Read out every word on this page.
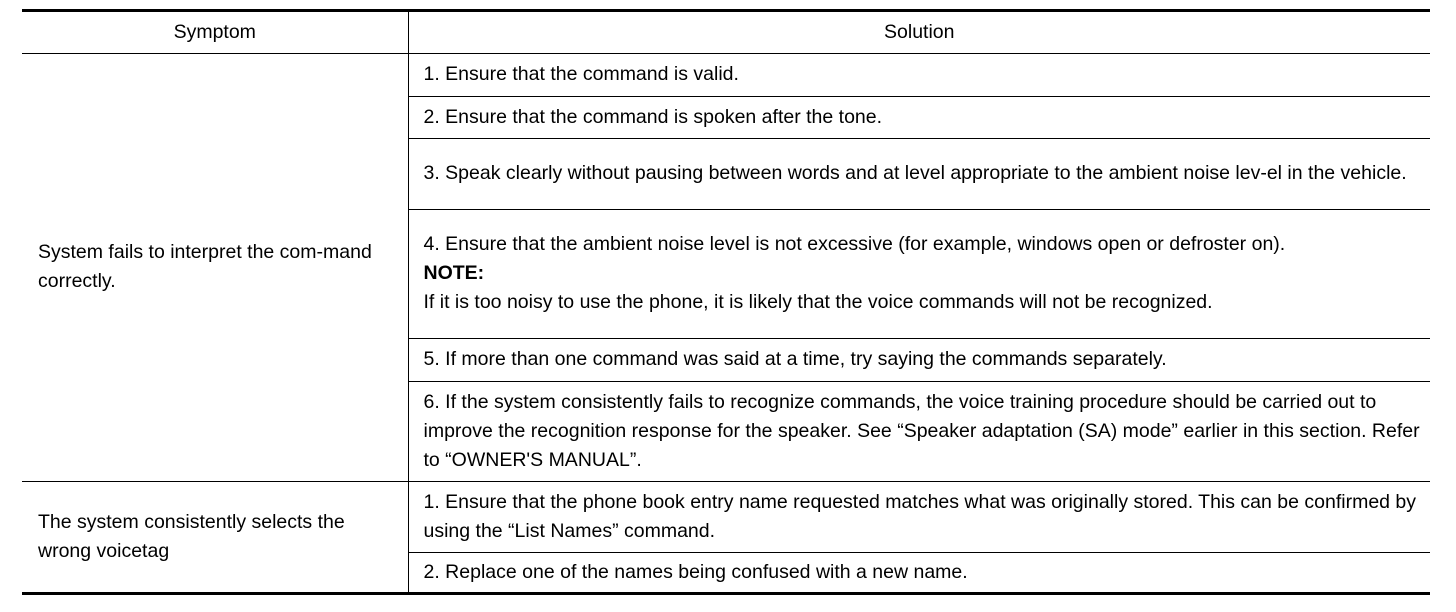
Symptom	Solution
System fails to interpret the com-mand correctly.	1. Ensure that the command is valid.
	2. Ensure that the command is spoken after the tone.
	3. Speak clearly without pausing between words and at level appropriate to the ambient noise lev-el in the vehicle.

	4. Ensure that the ambient noise level is not excessive (for example, windows open or defroster on).
NOTE:
If it is too noisy to use the phone, it is likely that the voice commands will not be recognized.

	5. If more than one command was said at a time, try saying the commands separately.
	6. If the system consistently fails to recognize commands, the voice training procedure should be carried out to improve the recognition response for the speaker. See “Speaker adaptation (SA) mode” earlier in this section. Refer to “OWNER'S MANUAL”.
The system consistently selects the wrong voicetag	1. Ensure that the phone book entry name requested matches what was originally stored. This can be confirmed by using the “List Names” command.
	2. Replace one of the names being confused with a new name.
